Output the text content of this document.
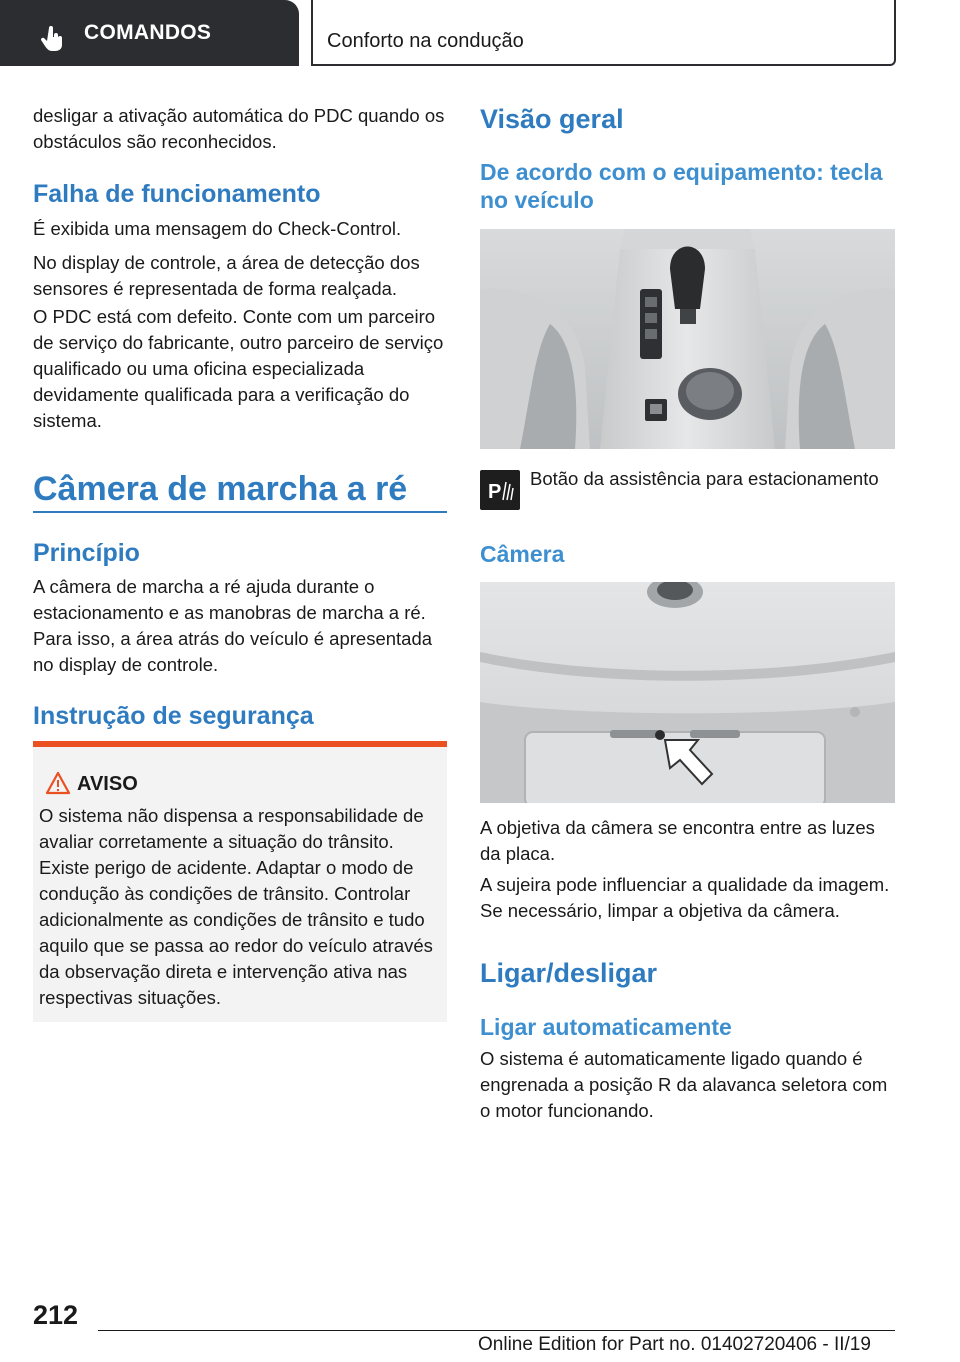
COMANDOS	Conforto na condução
desligar a ativação automática do PDC quando os obstáculos são reconhecidos.
Falha de funcionamento
É exibida uma mensagem do Check-Control.
No display de controle, a área de detecção dos sensores é representada de forma realçada.
O PDC está com defeito. Conte com um parceiro de serviço do fabricante, outro parceiro de serviço qualificado ou uma oficina especializada devidamente qualificada para a verificação do sistema.
Câmera de marcha a ré
Princípio
A câmera de marcha a ré ajuda durante o estacionamento e as manobras de marcha a ré. Para isso, a área atrás do veículo é apresentada no display de controle.
Instrução de segurança
AVISO
O sistema não dispensa a responsabilidade de avaliar corretamente a situação do trânsito. Existe perigo de acidente. Adaptar o modo de condução às condições de trânsito. Controlar adicionalmente as condições de trânsito e tudo aquilo que se passa ao redor do veículo através da observação direta e intervenção ativa nas respectivas situações.
Visão geral
De acordo com o equipamento: tecla no veículo
Botão da assistência para estacionamento
Câmera
A objetiva da câmera se encontra entre as luzes da placa.
A sujeira pode influenciar a qualidade da imagem. Se necessário, limpar a objetiva da câmera.
Ligar/desligar
Ligar automaticamente
O sistema é automaticamente ligado quando é engrenada a posição R da alavanca seletora com o motor funcionando.
P
212
Online Edition for Part no. 01402720406 - II/19
